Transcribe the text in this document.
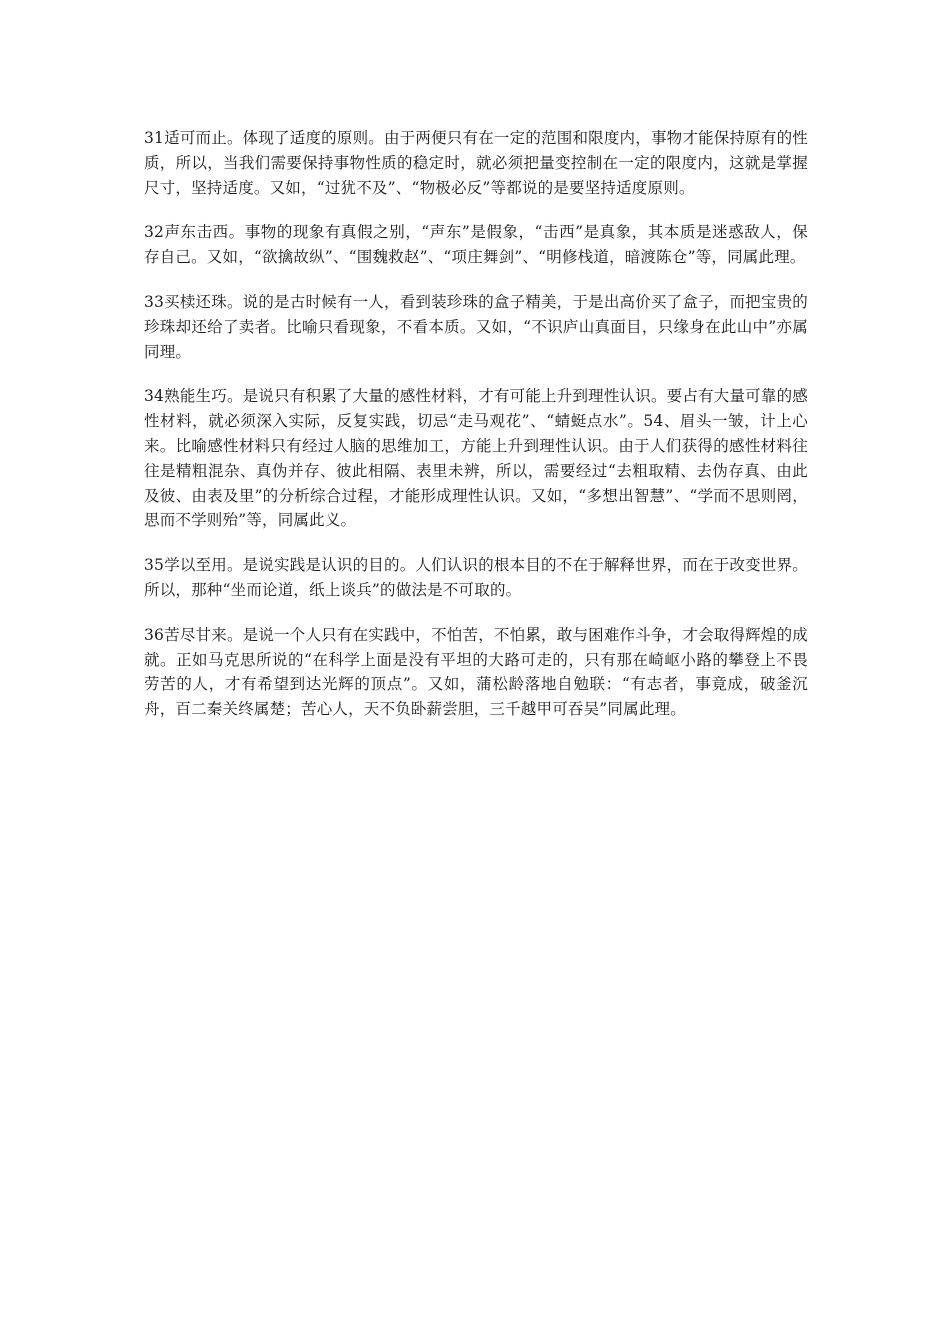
31适可而止。体现了适度的原则。由于两便只有在一定的范围和限度内，事物才能保持原有的性质，所以，当我们需要保持事物性质的稳定时，就必须把量变控制在一定的限度内，这就是掌握尺寸，坚持适度。又如，“过犹不及”、“物极必反”等都说的是要坚持适度原则。

32声东击西。事物的现象有真假之别，“声东”是假象，“击西”是真象，其本质是迷惑敌人，保存自己。又如，“欲擒故纵”、“围魏救赵”、“项庄舞剑”、“明修栈道，暗渡陈仓”等，同属此理。

33买椟还珠。说的是古时候有一人，看到装珍珠的盒子精美，于是出高价买了盒子，而把宝贵的珍珠却还给了卖者。比喻只看现象，不看本质。又如，“不识庐山真面目，只缘身在此山中”亦属同理。

34熟能生巧。是说只有积累了大量的感性材料，才有可能上升到理性认识。要占有大量可靠的感性材料，就必须深入实际，反复实践，切忌“走马观花”、“蜻蜓点水”。54、眉头一皱，计上心来。比喻感性材料只有经过人脑的思维加工，方能上升到理性认识。由于人们获得的感性材料往往是精粗混杂、真伪并存、彼此相隔、表里未辨，所以，需要经过“去粗取精、去伪存真、由此及彼、由表及里”的分析综合过程，才能形成理性认识。又如，“多想出智慧”、“学而不思则罔，思而不学则殆”等，同属此义。

35学以至用。是说实践是认识的目的。人们认识的根本目的不在于解释世界，而在于改变世界。所以，那种“坐而论道，纸上谈兵”的做法是不可取的。

36苦尽甘来。是说一个人只有在实践中，不怕苦，不怕累，敢与困难作斗争，才会取得辉煌的成就。正如马克思所说的“在科学上面是没有平坦的大路可走的，只有那在崎岖小路的攀登上不畏劳苦的人，才有希望到达光辉的顶点”。又如，蒲松龄落地自勉联：“有志者，事竟成，破釜沉舟，百二秦关终属楚；苦心人，天不负卧薪尝胆，三千越甲可吞吴”同属此理。
